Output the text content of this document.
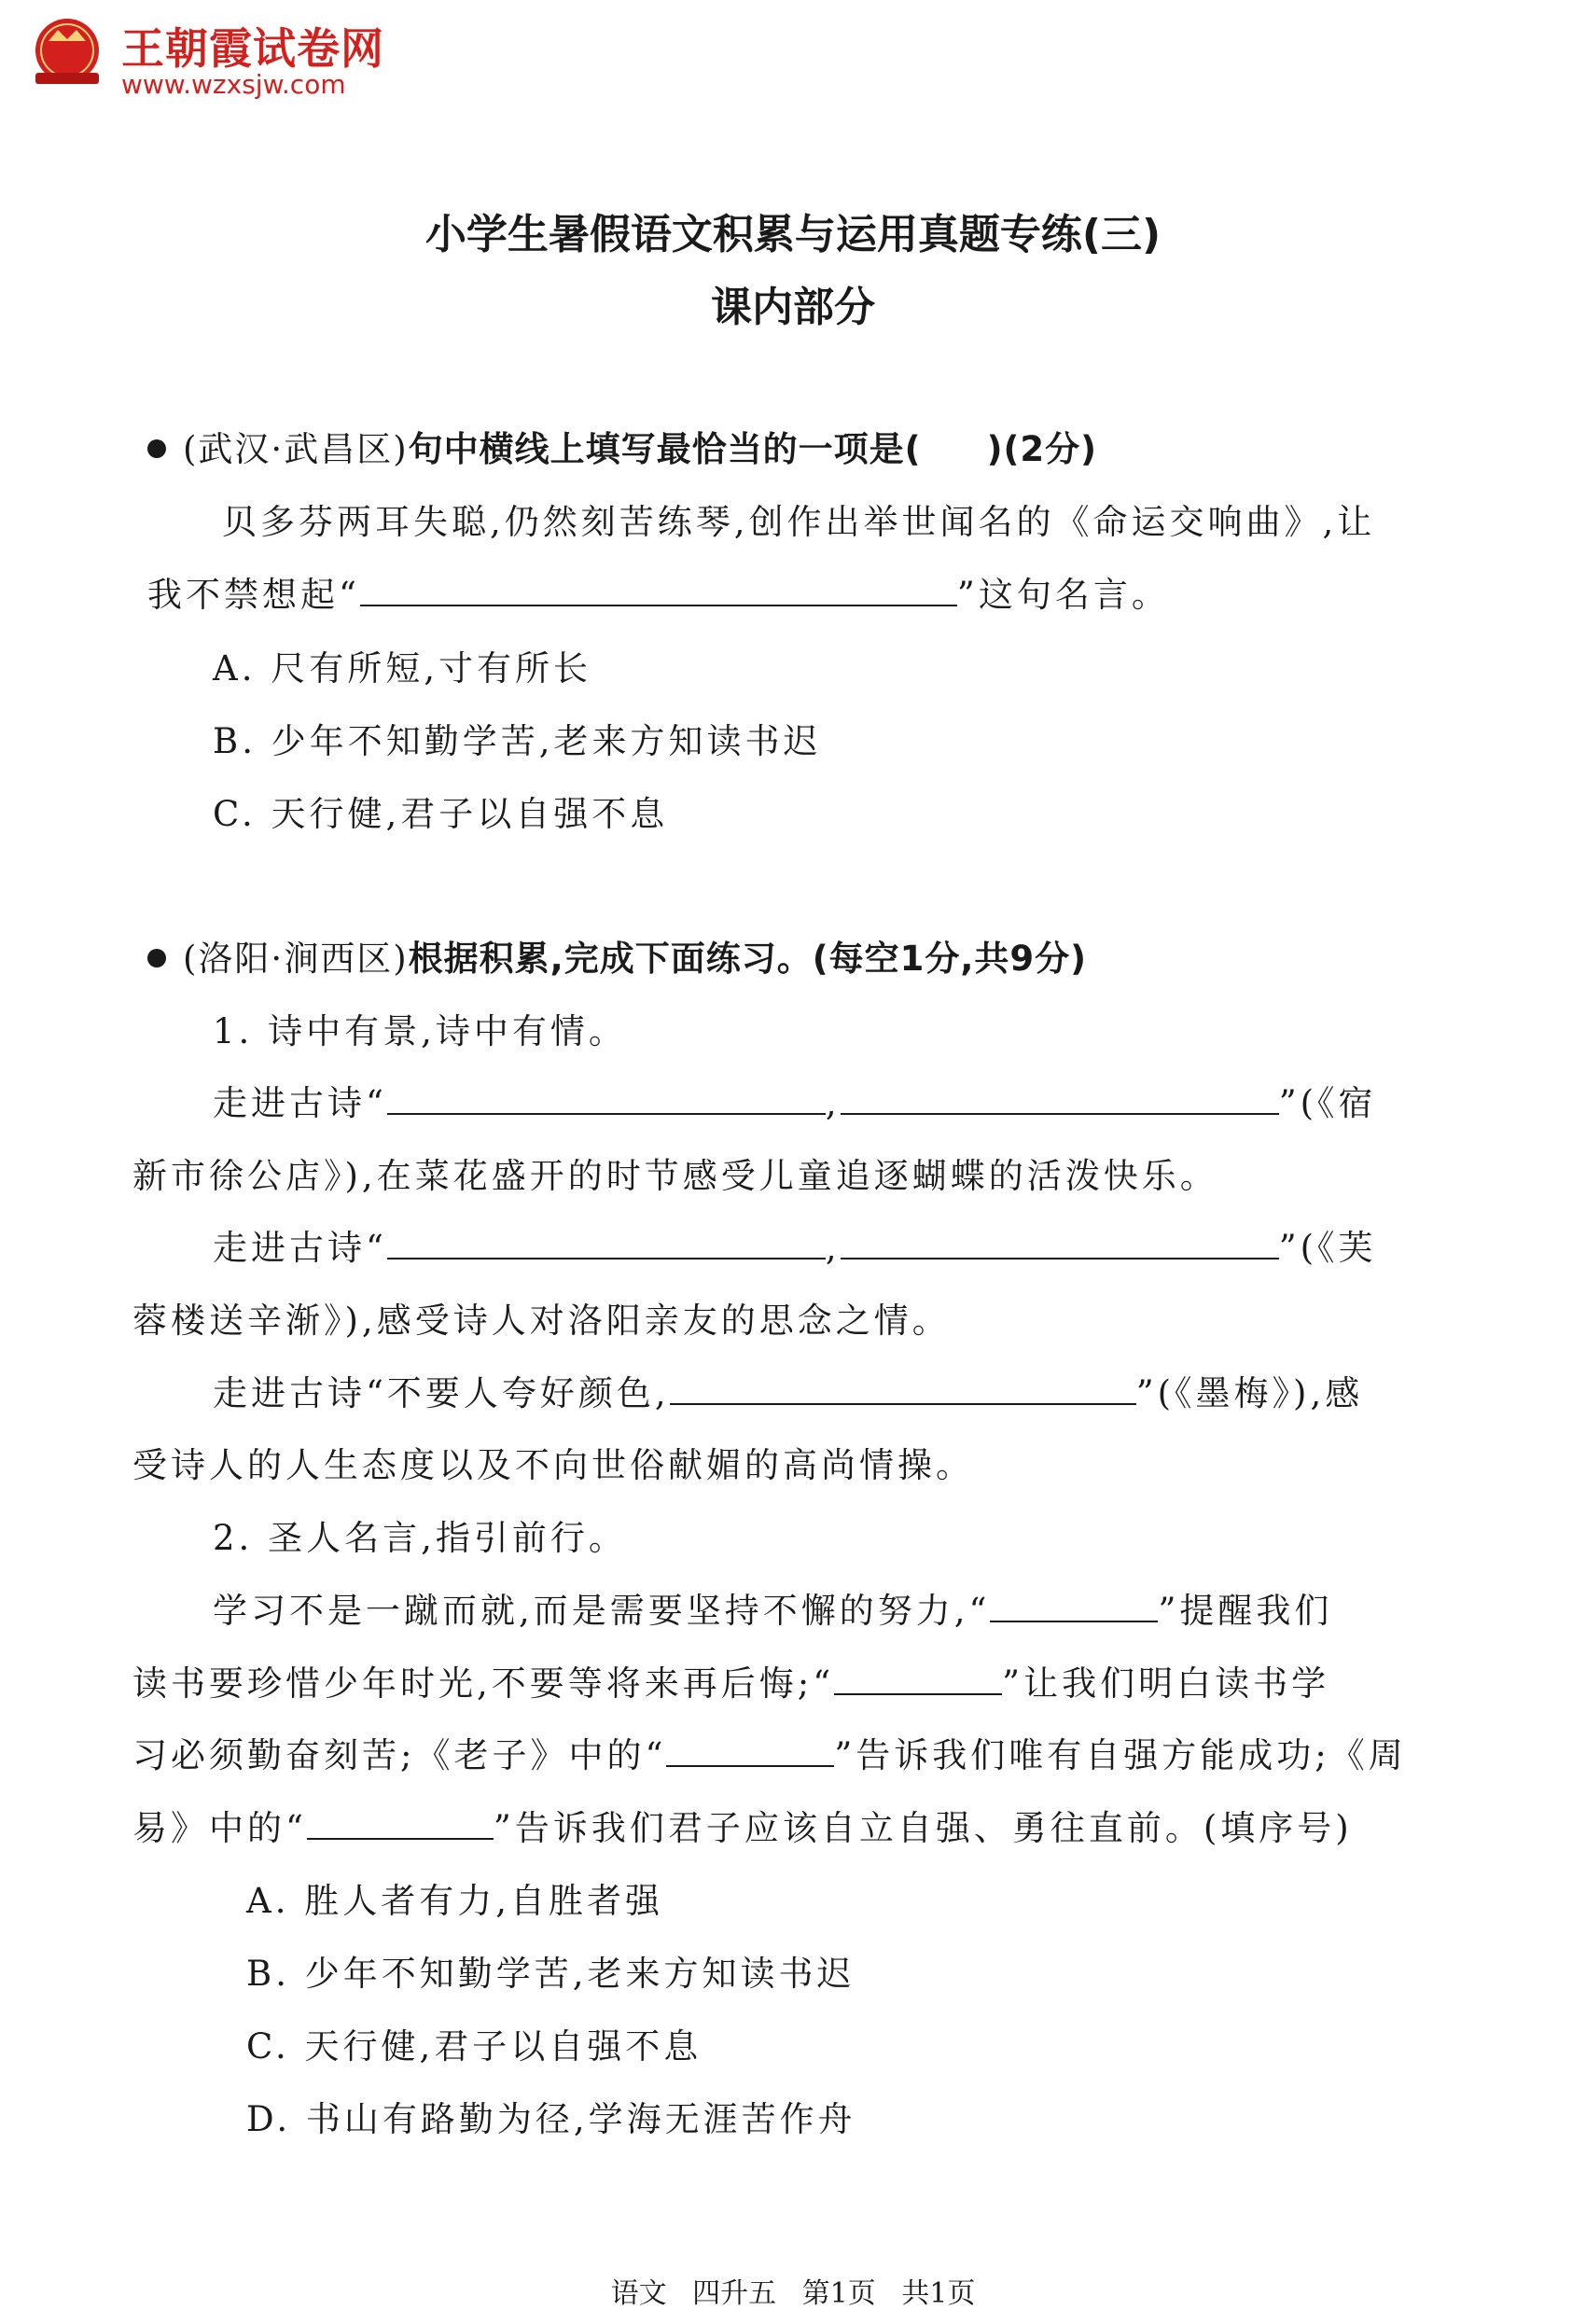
王朝霞试卷网
www.wzxsjw.com
小学生暑假语文积累与运用真题专练(三)
课内部分
(武汉·武昌区)句中横线上填写最恰当的一项是( )(2分)
贝多芬两耳失聪,仍然刻苦练琴,创作出举世闻名的《命运交响曲》,让
我不禁想起“	”这句名言。
A. 尺有所短,寸有所长
B. 少年不知勤学苦,老来方知读书迟
C. 天行健,君子以自强不息
(洛阳·涧西区)根据积累,完成下面练习。(每空1分,共9分)
1. 诗中有景,诗中有情。
走进古诗“	,	”(《宿
新市徐公店》),在菜花盛开的时节感受儿童追逐蝴蝶的活泼快乐。
走进古诗“	,	”(《芙
蓉楼送辛渐》),感受诗人对洛阳亲友的思念之情。
走进古诗“不要人夸好颜色,	”(《墨梅》),感
受诗人的人生态度以及不向世俗献媚的高尚情操。
2. 圣人名言,指引前行。
学习不是一蹴而就,而是需要坚持不懈的努力,“	”提醒我们
读书要珍惜少年时光,不要等将来再后悔;“	”让我们明白读书学
习必须勤奋刻苦;《老子》中的“	”告诉我们唯有自强方能成功;《周
易》中的“	”告诉我们君子应该自立自强、勇往直前。(填序号)
A. 胜人者有力,自胜者强
B. 少年不知勤学苦,老来方知读书迟
C. 天行健,君子以自强不息
D. 书山有路勤为径,学海无涯苦作舟
语文 四升五 第1页 共1页
